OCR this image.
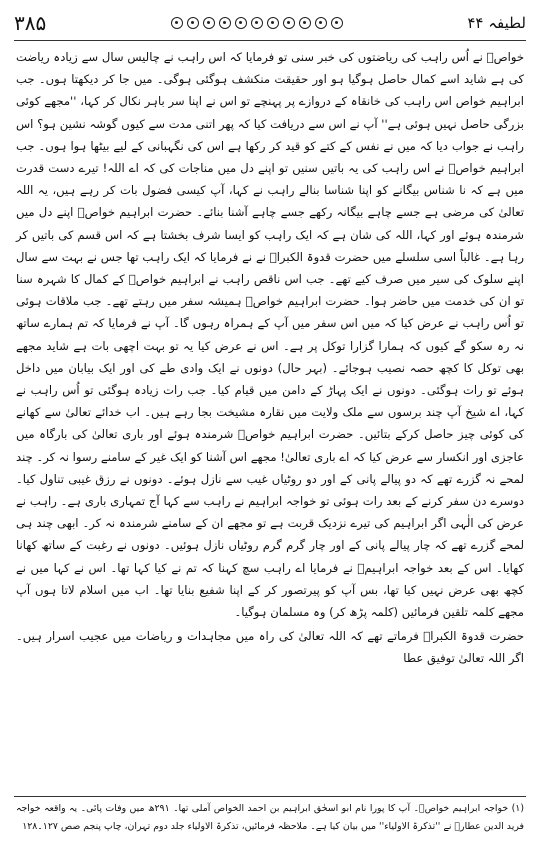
۳۸۵	لطیفہ ۴۴

خواصؒ نے اُس راہب کی ریاضتوں کی خبر سنی تو فرمایا کہ اس راہب نے چالیس سال سے زیادہ ریاضت کی ہے شاید اسے کمال حاصل ہوگیا ہو اور حقیقت منکشف ہوگئی ہوگی۔ میں جا کر دیکھتا ہوں۔ جب ابراہیم خواص اس راہب کی خانقاہ کے دروازے پر پہنچے تو اس نے اپنا سر باہر نکال کر کہا، ''مجھے کوئی بزرگی حاصل نہیں ہوئی ہے'' آپ نے اس سے دریافت کیا کہ پھر اتنی مدت سے کیوں گوشہ نشین ہو؟ اس راہب نے جواب دیا کہ میں نے نفس کے کتے کو قید کر رکھا ہے اس کی نگہبانی کے لیے بیٹھا ہوا ہوں۔ جب ابراہیم خواصؒ نے اس راہب کی یہ باتیں سنیں تو اپنے دل میں مناجات کی کہ اے اللہ! تیرے دست قدرت میں ہے کہ نا شناس بیگانے کو اپنا شناسا بنالے راہب نے کہا، آپ کیسی فضول بات کر رہے ہیں، یہ اللہ تعالیٰ کی مرضی ہے جسے چاہے بیگانہ رکھے جسے چاہے آشنا بنائے۔ حضرت ابراہیم خواصؒ اپنے دل میں شرمندہ ہوئے اور کہا، اللہ کی شان ہے کہ ایک راہب کو ایسا شرف بخشتا ہے کہ اس قسم کی باتیں کر رہا ہے۔ غالباً اسی سلسلے میں حضرت قدوۃ الکبراؒ نے نے فرمایا کہ ایک راہب تھا جس نے بہت سے سال اپنے سلوک کی سیر میں صرف کیے تھے۔ جب اس ناقص راہب نے ابراہیم خواصؒ کے کمال کا شہرہ سنا تو ان کی خدمت میں حاضر ہوا۔ حضرت ابراہیم خواصؒ ہمیشہ سفر میں رہتے تھے۔ جب ملاقات ہوئی تو اُس راہب نے عرض کیا کہ میں اس سفر میں آپ کے ہمراہ رہوں گا۔ آپ نے فرمایا کہ تم ہمارے ساتھ نہ رہ سکو گے کیوں کہ ہمارا گزارا توکل پر ہے۔ اس نے عرض کیا یہ تو بہت اچھی بات ہے شاید مجھے بھی توکل کا کچھ حصہ نصیب ہوجائے۔ (بہر حال) دونوں نے ایک وادی طے کی اور ایک بیابان میں داخل ہوئے تو رات ہوگئی۔ دونوں نے ایک پہاڑ کے دامن میں قیام کیا۔ جب رات زیادہ ہوگئی تو اُس راہب نے کہا، اے شیخ آپ چند برسوں سے ملک ولایت میں نقارہ مشیخت بجا رہے ہیں۔ اب خدائے تعالیٰ سے کھانے کی کوئی چیز حاصل کرکے بتائیں۔ حضرت ابراہیم خواصؒ شرمندہ ہوئے اور باری تعالیٰ کی بارگاہ میں عاجزی اور انکسار سے عرض کیا کہ اے باری تعالیٰ! مجھے اس آشنا کو ایک غیر کے سامنے رسوا نہ کر۔ چند لمحے نہ گزرے تھے کہ دو پیالے پانی کے اور دو روٹیاں غیب سے نازل ہوئے۔ دونوں نے رزق غیبی تناول کیا۔ دوسرے دن سفر کرنے کے بعد رات ہوئی تو خواجہ ابراہیم نے راہب سے کہا آج تمہاری باری ہے۔ راہب نے عرض کی الٰہی اگر ابراہیم کی تیرے نزدیک قربت ہے تو مجھے ان کے سامنے شرمندہ نہ کر۔ ابھی چند ہی لمحے گزرے تھے کہ چار پیالے پانی کے اور چار گرم گرم روٹیاں نازل ہوئیں۔ دونوں نے رغبت کے ساتھ کھانا کھایا۔ اس کے بعد خواجہ ابراہیمؒ نے فرمایا اے راہب سچ کہنا کہ تم نے کیا کہا تھا۔ اس نے کہا میں نے کچھ بھی عرض نہیں کیا تھا، بس آپ کو پیرتصور کر کے اپنا شفیع بنایا تھا۔ اب میں اسلام لاتا ہوں آپ مجھے کلمہ تلقین فرمائیں (کلمہ پڑھ کر) وہ مسلمان ہوگیا۔

حضرت قدوۃ الکبراؒ فرماتے تھے کہ اللہ تعالیٰ کی راہ میں مجاہدات و ریاضات میں عجیب اسرار ہیں۔ اگر اللہ تعالیٰ توفیق عطا

(۱) خواجہ ابراہیم خواصؒ۔ آپ کا پورا نام ابو اسحٰق ابراہیم بن احمد الخواص آملی تھا۔ ۲۹۱ھ میں وفات پائی۔ یہ واقعہ خواجہ فرید الدین عطارؒ نے ''تذکرۃ الاولیاء'' میں بیان کیا ہے۔ ملاحظہ فرمائیں، تذکرۃ الاولیاء جلد دوم تہران، چاپ پنجم صص ۱۲۷۔۱۲۸
